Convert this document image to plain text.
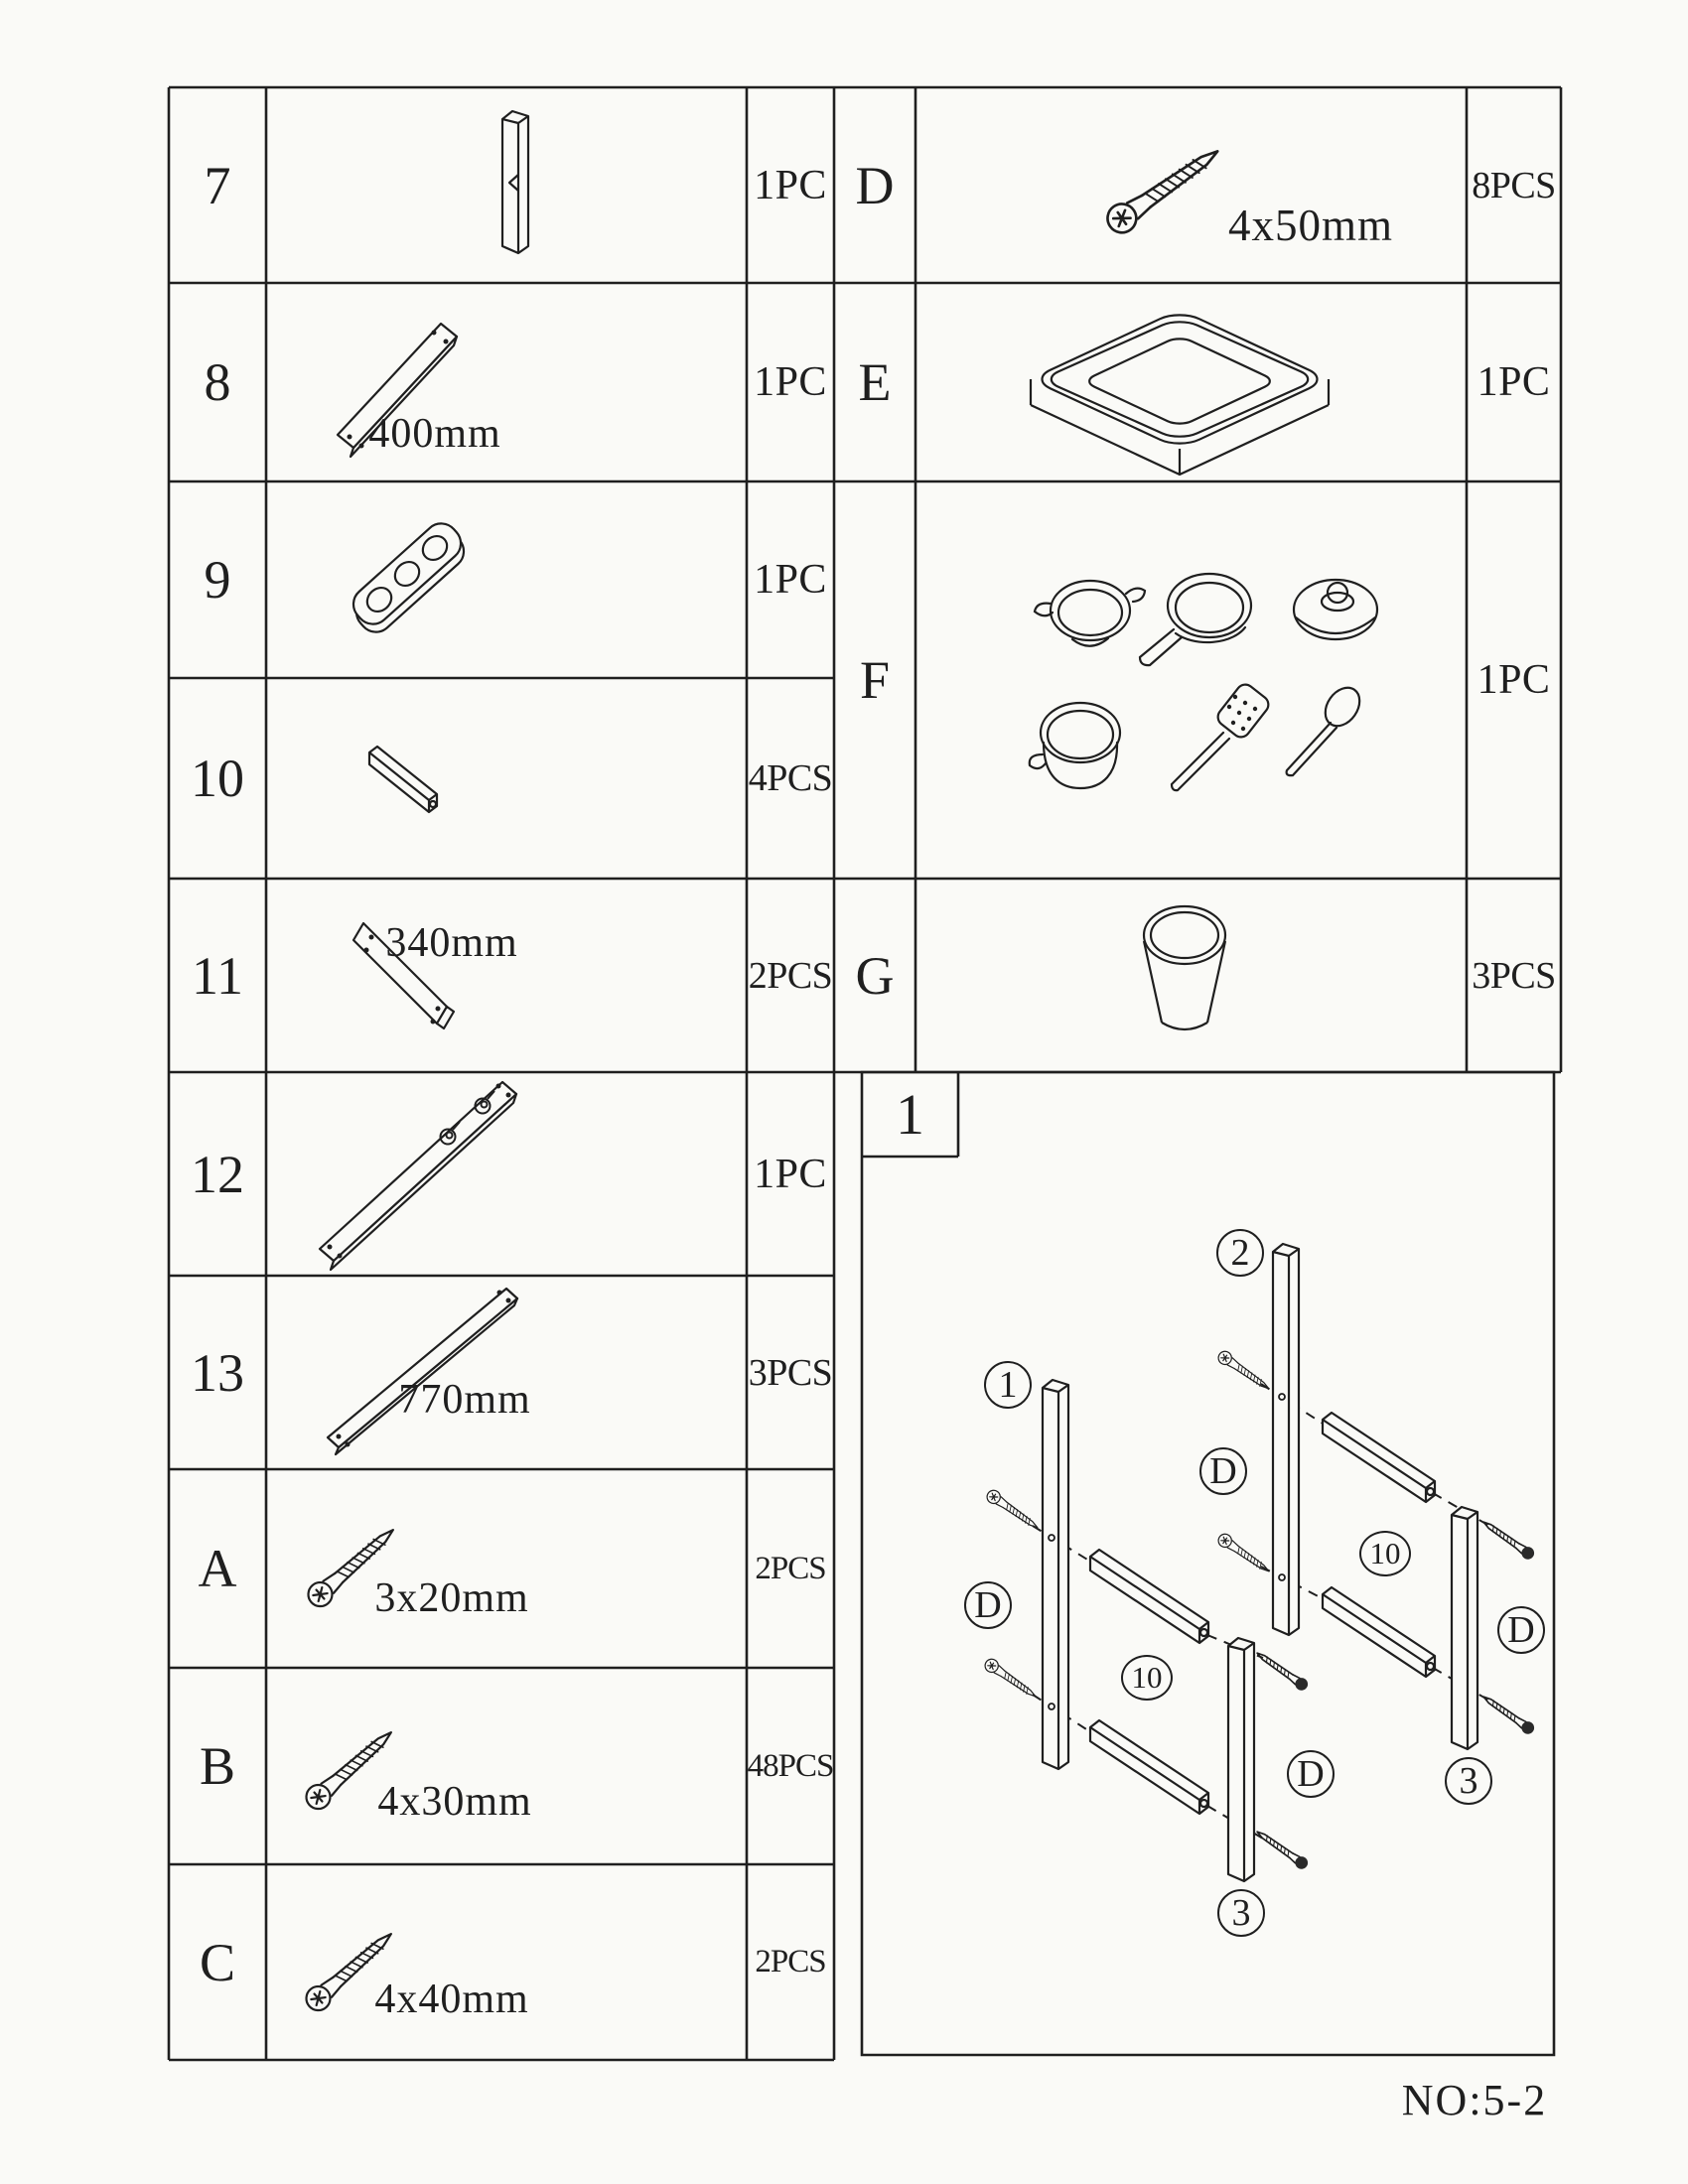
7
8
9
10
11
12
13
A
B
C
1PC
1PC
1PC
4PCS
2PCS
1PC
3PCS
2PCS
48PCS
2PCS
D
E
F
G
8PCS
1PC
1PC
3PCS
400mm
340mm
770mm
3x20mm
4x30mm
4x40mm
4x50mm
1
NO:5-2
1
2
10
10
3
3
D
D
D
D
